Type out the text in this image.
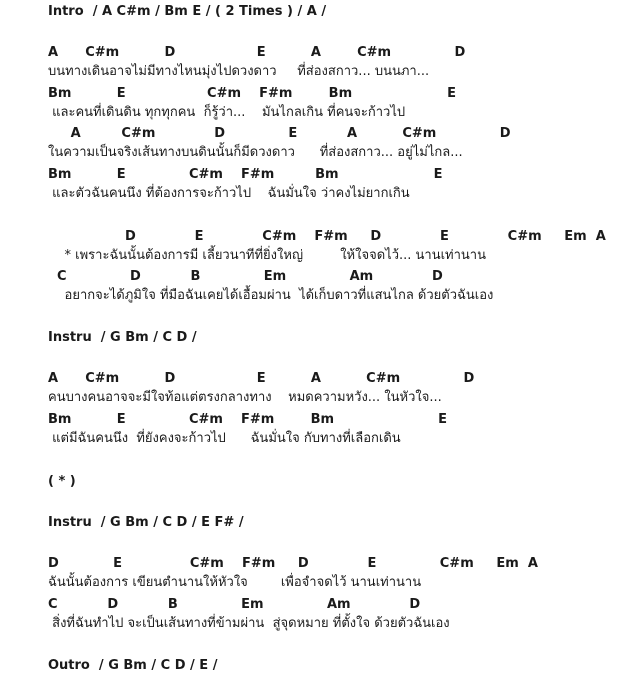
Intro  / A C#m / Bm E / ( 2 Times ) / A /
A      C#m          D                  E          A        C#m              D
บนทางเดินอาจไม่มีทางไหนมุ่งไปดวงดาว     ที่ส่องสกาว... บนนภา...
Bm          E                  C#m    F#m        Bm                     E
และคนที่เดินดิน ทุกทุกคน  ก็รู้ว่า...    มันไกลเกิน ที่คนจะก้าวไป
A         C#m             D              E           A          C#m              D
ในความเป็นจริงเส้นทางบนดินนั้นก็มีดวงดาว      ที่ส่องสกาว... อยู่ไม่ไกล...
Bm          E              C#m    F#m         Bm                     E
และตัวฉันคนนึง ที่ต้องการจะก้าวไป    ฉันมั่นใจ ว่าคงไม่ยากเกิน
D             E             C#m    F#m     D             E             C#m     Em  A
* เพราะฉันนั้นต้องการมี เลี้ยวนาทีที่ยิ่งใหญ่         ให้ใจจดไว้... นานเท่านาน
C              D           B              Em              Am             D
อยากจะได้ภูมิใจ ที่มือฉันเคยได้เอื้อมผ่าน  ได้เก็บดาวที่แสนไกล ด้วยตัวฉันเอง
Instru  / G Bm / C D /
A      C#m          D                  E          A          C#m              D
คนบางคนอาจจะมีใจท้อแต่ตรงกลางทาง    หมดความหวัง... ในหัวใจ...
Bm          E              C#m    F#m        Bm                       E
แต่มีฉันคนนึง  ที่ยังคงจะก้าวไป      ฉันมั่นใจ กับทางที่เลือกเดิน
( * )
Instru  / G Bm / C D / E F# /
D            E               C#m    F#m     D             E              C#m     Em  A
ฉันนั้นต้องการ เขียนตำนานให้หัวใจ        เพื่อจำจดไว้ นานเท่านาน
C           D           B              Em              Am             D
สิ่งที่ฉันทำไป จะเป็นเส้นทางที่ข้ามผ่าน  สู่จุดหมาย ที่ตั้งใจ ด้วยตัวฉันเอง
Outro  / G Bm / C D / E /
